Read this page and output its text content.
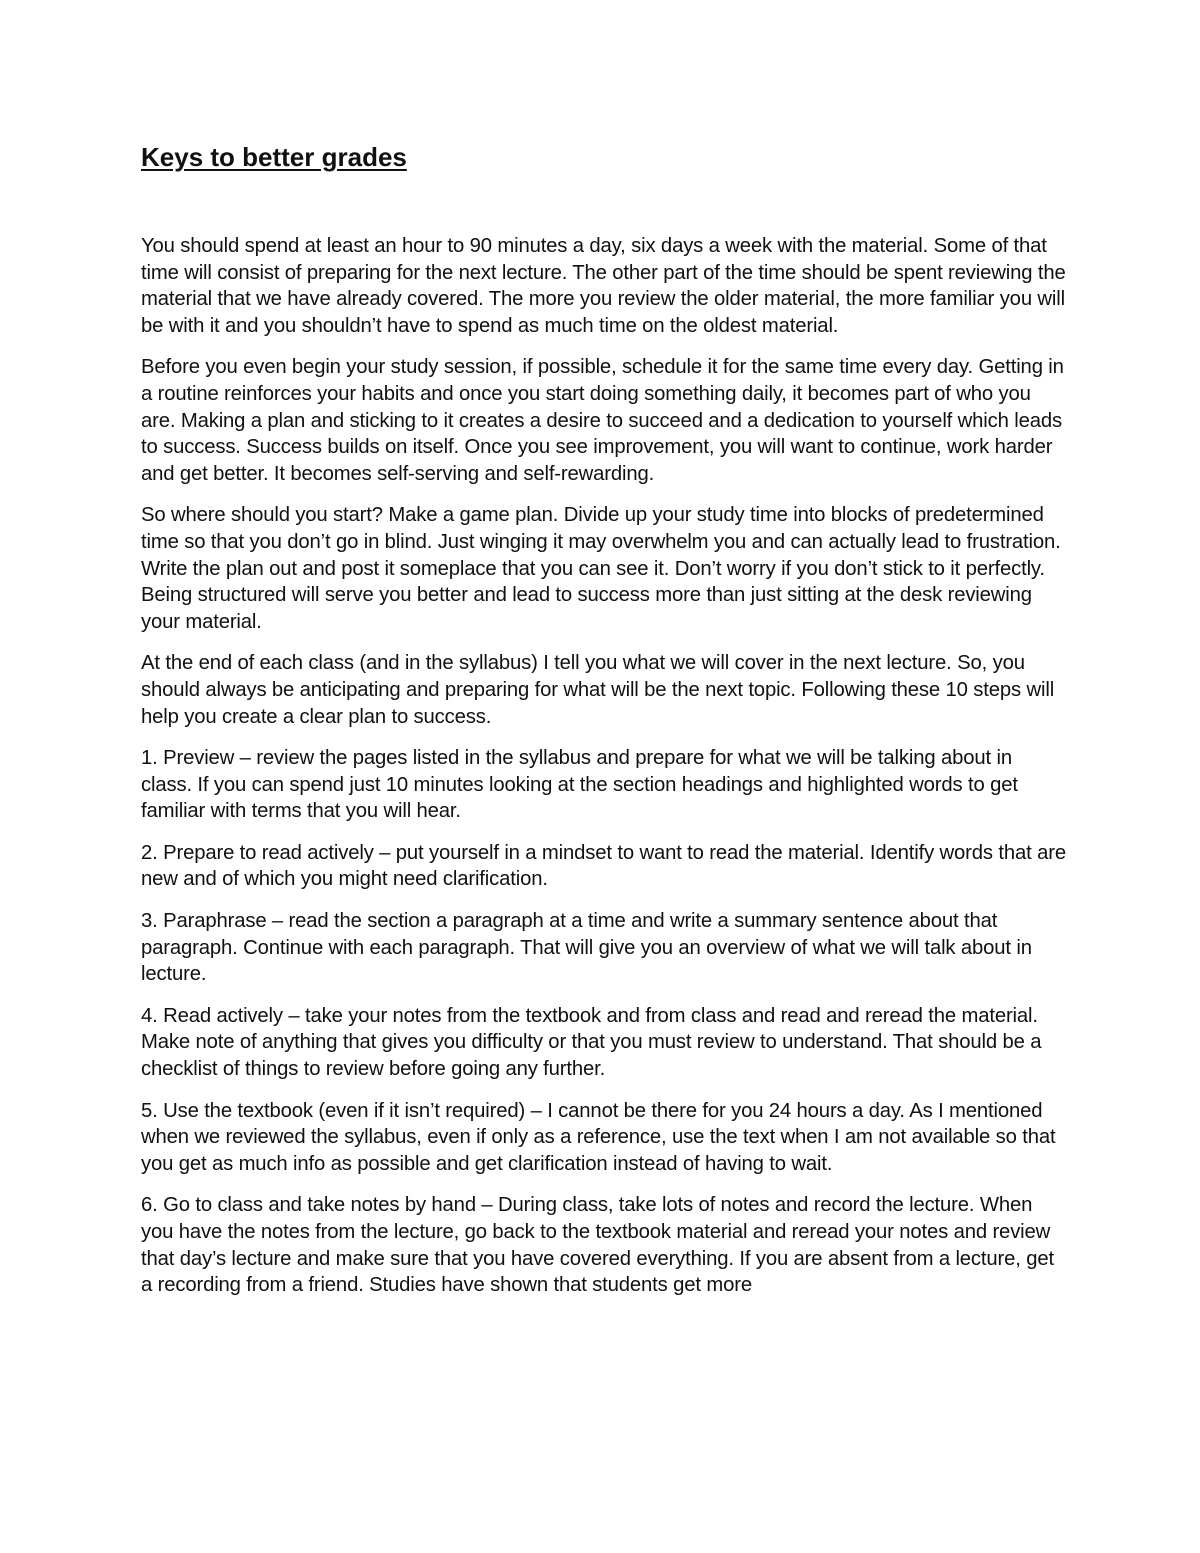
Keys to better grades

You should spend at least an hour to 90 minutes a day, six days a week with the material. Some of that time will consist of preparing for the next lecture. The other part of the time should be spent reviewing the material that we have already covered. The more you review the older material, the more familiar you will be with it and you shouldn’t have to spend as much time on the oldest material.

Before you even begin your study session, if possible, schedule it for the same time every day. Getting in a routine reinforces your habits and once you start doing something daily, it becomes part of who you are. Making a plan and sticking to it creates a desire to succeed and a dedication to yourself which leads to success. Success builds on itself. Once you see improvement, you will want to continue, work harder and get better. It becomes self-serving and self-rewarding.

So where should you start? Make a game plan. Divide up your study time into blocks of predetermined time so that you don’t go in blind. Just winging it may overwhelm you and can actually lead to frustration. Write the plan out and post it someplace that you can see it. Don’t worry if you don’t stick to it perfectly. Being structured will serve you better and lead to success more than just sitting at the desk reviewing your material.

At the end of each class (and in the syllabus) I tell you what we will cover in the next lecture. So, you should always be anticipating and preparing for what will be the next topic. Following these 10 steps will help you create a clear plan to success.

1. Preview – review the pages listed in the syllabus and prepare for what we will be talking about in class. If you can spend just 10 minutes looking at the section headings and highlighted words to get familiar with terms that you will hear.

2. Prepare to read actively – put yourself in a mindset to want to read the material. Identify words that are new and of which you might need clarification.

3. Paraphrase – read the section a paragraph at a time and write a summary sentence about that paragraph. Continue with each paragraph. That will give you an overview of what we will talk about in lecture.

4. Read actively – take your notes from the textbook and from class and read and reread the material. Make note of anything that gives you difficulty or that you must review to understand. That should be a checklist of things to review before going any further.

5. Use the textbook (even if it isn’t required) – I cannot be there for you 24 hours a day. As I mentioned when we reviewed the syllabus, even if only as a reference, use the text when I am not available so that you get as much info as possible and get clarification instead of having to wait.

6. Go to class and take notes by hand – During class, take lots of notes and record the lecture. When you have the notes from the lecture, go back to the textbook material and reread your notes and review that day’s lecture and make sure that you have covered everything. If you are absent from a lecture, get a recording from a friend. Studies have shown that students get more
